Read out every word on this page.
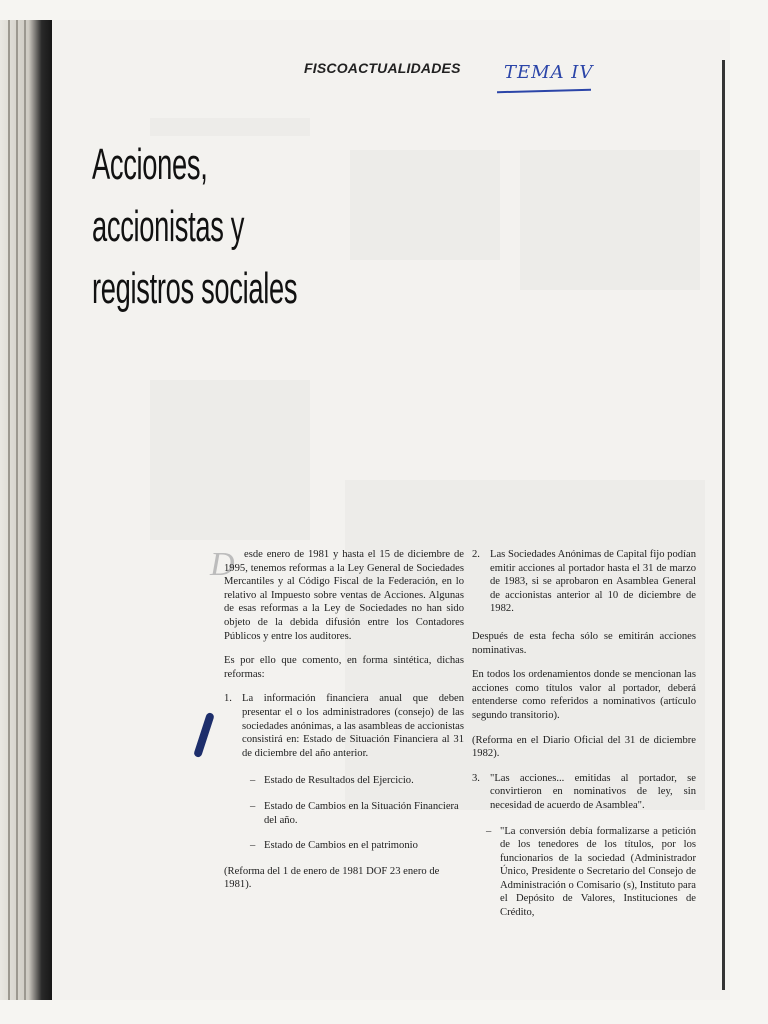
FISCOACTUALIDADES TEMA IV
Acciones,
accionistas y
registros sociales
D esde enero de 1981 y hasta el 15 de diciembre de 1995, tenemos reformas a la Ley General de Sociedades Mercantiles y al Código Fiscal de la Federación, en lo relativo al Impuesto sobre ventas de Acciones. Algunas de esas reformas a la Ley de Sociedades no han sido objeto de la debida difusión entre los Contadores Públicos y entre los auditores.

Es por ello que comento, en forma sintética, dichas reformas:

1. La información financiera anual que deben presentar el o los administradores (consejo) de las sociedades anónimas, a las asambleas de accionistas consistirá en: Estado de Situación Financiera al 31 de diciembre del año anterior.
– Estado de Resultados del Ejercicio.
– Estado de Cambios en la Situación Financiera del año.
– Estado de Cambios en el patrimonio

(Reforma del 1 de enero de 1981 DOF 23 enero de 1981).

2. Las Sociedades Anónimas de Capital fijo podían emitir acciones al portador hasta el 31 de marzo de 1983, si se aprobaron en Asamblea General de accionistas anterior al 10 de diciembre de 1982.

Después de esta fecha sólo se emitirán acciones nominativas.

En todos los ordenamientos donde se mencionan las acciones como títulos valor al portador, deberá entenderse como referidos a nominativos (artículo segundo transitorio).

(Reforma en el Diario Oficial del 31 de diciembre 1982).

3. "Las acciones... emitidas al portador, se convirtieron en nominativos de ley, sin necesidad de acuerdo de Asamblea".
– "La conversión debía formalizarse a petición de los tenedores de los títulos, por los funcionarios de la sociedad (Administrador Único, Presidente o Secretario del Consejo de Administración o Comisario (s), Instituto para el Depósito de Valores, Instituciones de Crédito,
